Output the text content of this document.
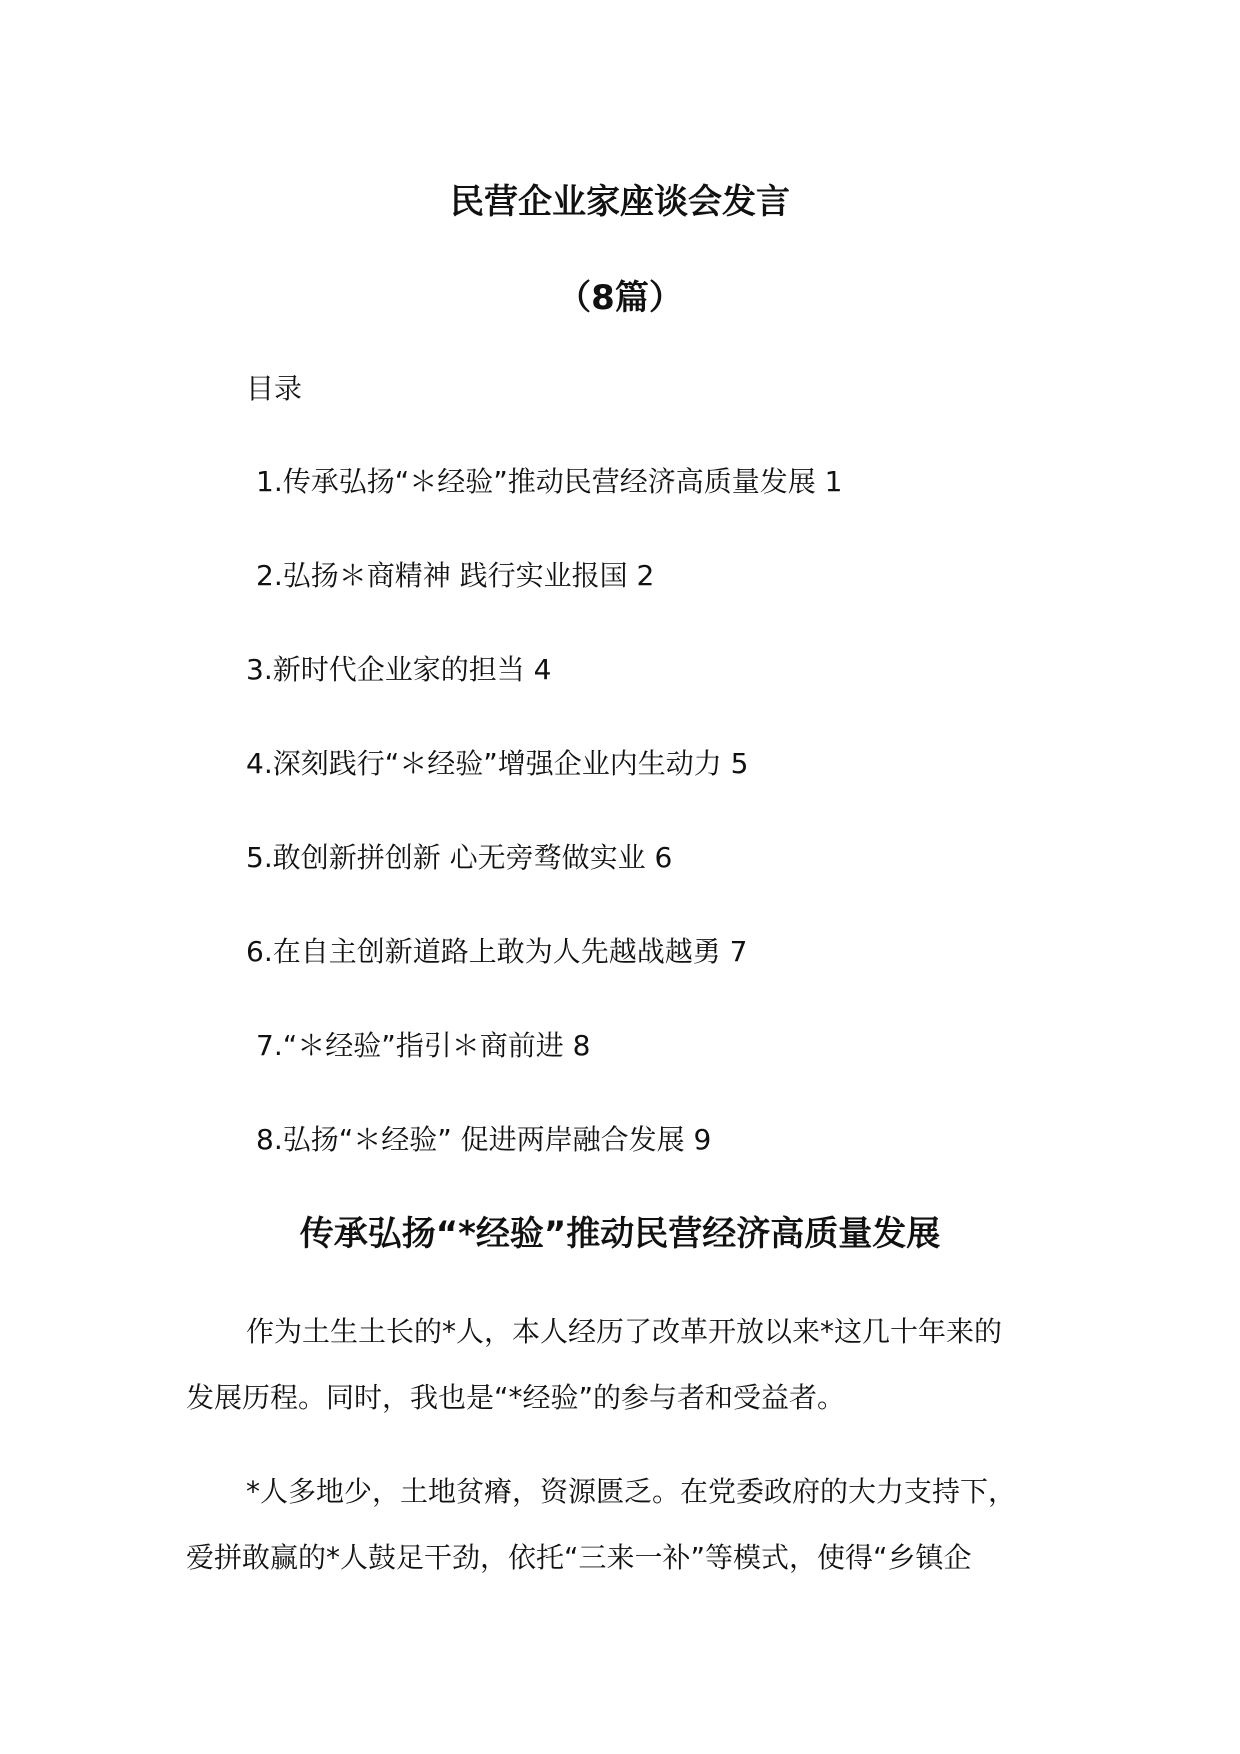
民营企业家座谈会发言
（8篇）
目录
1.传承弘扬“＊经验”推动民营经济高质量发展 1
2.弘扬＊商精神 践行实业报国 2
3.新时代企业家的担当 4
4.深刻践行“＊经验”增强企业内生动力 5
5.敢创新拼创新 心无旁骛做实业 6
6.在自主创新道路上敢为人先越战越勇 7
7.“＊经验”指引＊商前进 8
8.弘扬“＊经验” 促进两岸融合发展 9
传承弘扬“*经验”推动民营经济高质量发展
作为土生土长的*人，本人经历了改革开放以来*这几十年来的
发展历程。同时，我也是“*经验”的参与者和受益者。
*人多地少，土地贫瘠，资源匮乏。在党委政府的大力支持下，
爱拼敢赢的*人鼓足干劲，依托“三来一补”等模式，使得“乡镇企
